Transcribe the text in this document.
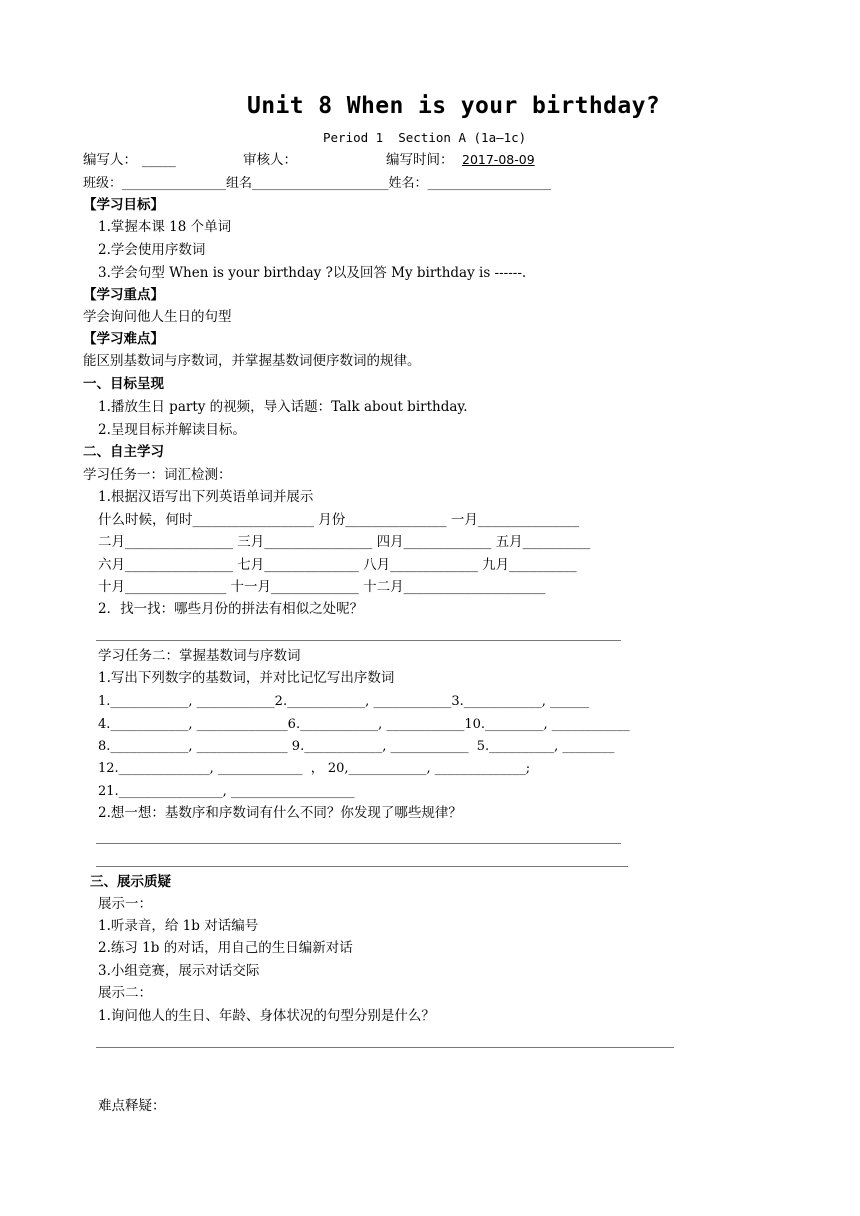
Unit 8 When is your birthday?
Period 1  Section A (1a—1c)
编写人： _____	审核人：	编写时间： 2017-08-09
班级：________________组名_____________________姓名：___________________
【学习目标】
1.掌握本课 18 个单词
2.学会使用序数词
3.学会句型 When is your birthday ?以及回答 My birthday is ------.
【学习重点】
学会询问他人生日的句型
【学习难点】
能区别基数词与序数词，并掌握基数词便序数词的规律。
一、目标呈现
1.播放生日 party 的视频，导入话题：Talk about birthday.
2.呈现目标并解读目标。
二、自主学习
学习任务一：词汇检测：
1.根据汉语写出下列英语单词并展示
什么时候，何时__________________ 月份_______________ 一月_______________
二月________________ 三月________________ 四月_____________ 五月__________
六月________________ 七月______________ 八月_____________ 九月__________
十月_______________ 十一月_____________ 十二月_____________________
2．找一找：哪些月份的拼法有相似之处呢？
学习任务二：掌握基数词与序数词
1.写出下列数字的基数词，并对比记忆写出序数词
1.____________, ____________2.____________, ____________3.____________, ______
4.____________, ______________6.____________, ____________10._________, ____________
8.____________, ______________ 9.____________, ____________  5.__________, ________
12.______________, _____________  ， 20,____________, ______________;
21.________________, ___________________
2.想一想：基数序和序数词有什么不同？你发现了哪些规律？
三、展示质疑
展示一：
1.听录音，给 1b 对话编号
2.练习 1b 的对话，用自己的生日编新对话
3.小组竞赛，展示对话交际
展示二：
1.询问他人的生日、年龄、身体状况的句型分别是什么？
难点释疑：
